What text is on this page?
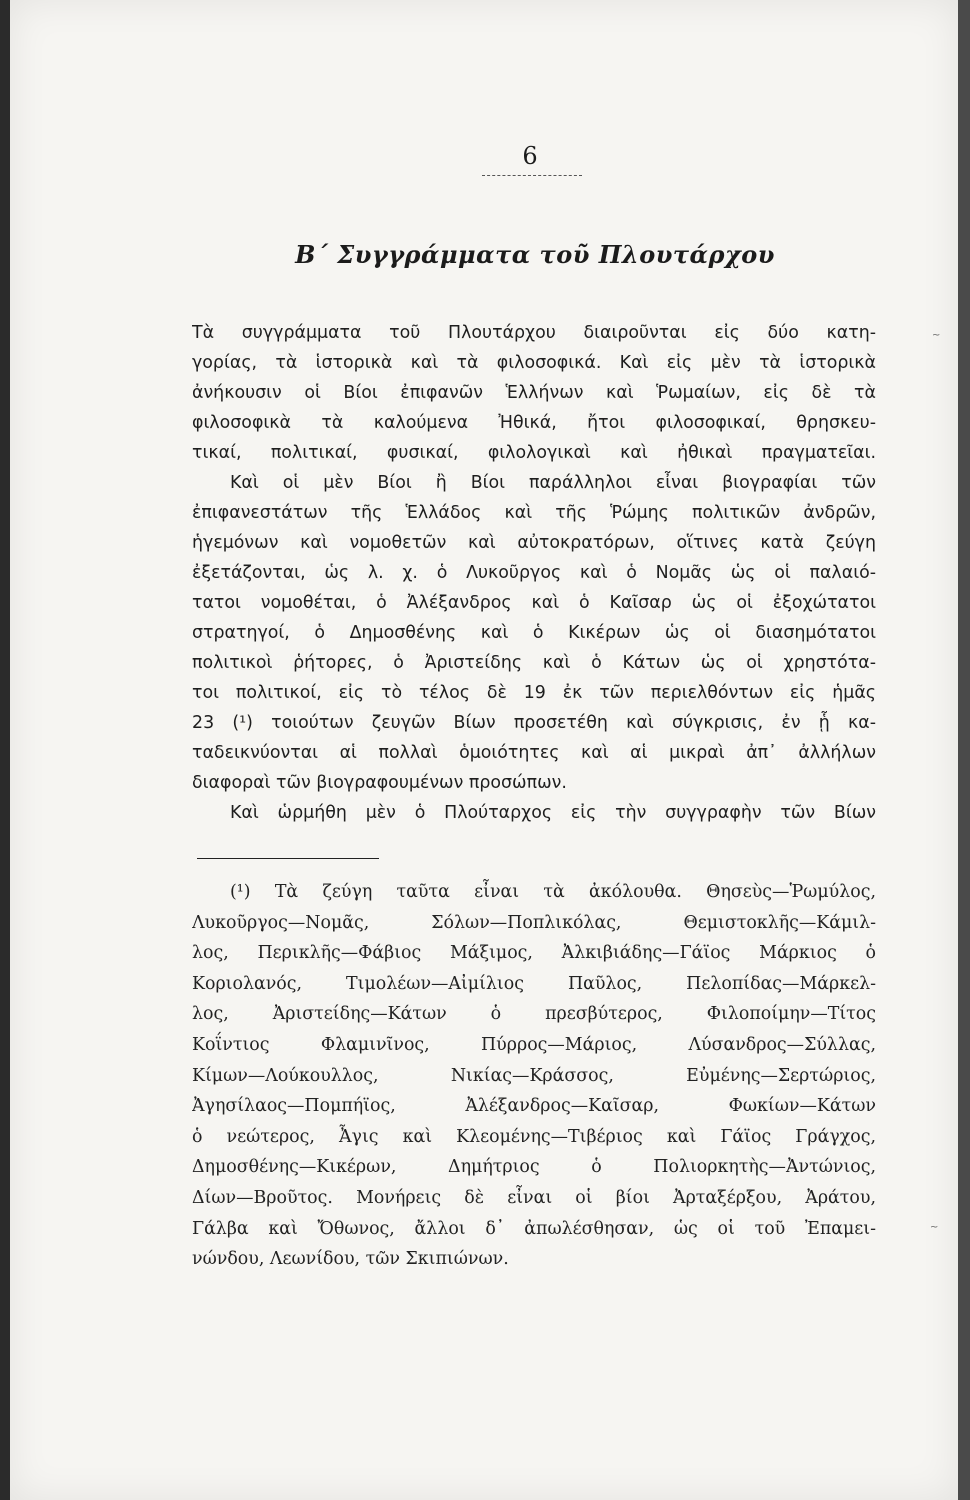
6
Β΄ Συγγράμματα τοῦ Πλουτάρχου
Τὰ συγγράμματα τοῦ Πλουτάρχου διαιροῦνται εἰς δύο κατη-
γορίας, τὰ ἱστορικὰ καὶ τὰ φιλοσοφικά. Καὶ εἰς μὲν τὰ ἱστορικὰ
ἀνήκουσιν οἱ Βίοι ἐπιφανῶν Ἑλλήνων καὶ Ῥωμαίων, εἰς δὲ τὰ
φιλοσοφικὰ τὰ καλούμενα Ἠθικά, ἤτοι φιλοσοφικαί, θρησκευ-
τικαί, πολιτικαί, φυσικαί, φιλολογικαὶ καὶ ἠθικαὶ πραγματεῖαι.
Καὶ οἱ μὲν Βίοι ἢ Βίοι παράλληλοι εἶναι βιογραφίαι τῶν
ἐπιφανεστάτων τῆς Ἑλλάδος καὶ τῆς Ῥώμης πολιτικῶν ἀνδρῶν,
ἡγεμόνων καὶ νομοθετῶν καὶ αὐτοκρατόρων, οἵτινες κατὰ ζεύγη
ἐξετάζονται, ὡς λ. χ. ὁ Λυκοῦργος καὶ ὁ Νομᾶς ὡς οἱ παλαιό-
τατοι νομοθέται, ὁ Ἀλέξανδρος καὶ ὁ Καῖσαρ ὡς οἱ ἐξοχώτατοι
στρατηγοί, ὁ Δημοσθένης καὶ ὁ Κικέρων ὡς οἱ διασημότατοι
πολιτικοὶ ῥήτορες, ὁ Ἀριστείδης καὶ ὁ Κάτων ὡς οἱ χρηστότα-
τοι πολιτικοί, εἰς τὸ τέλος δὲ 19 ἐκ τῶν περιελθόντων εἰς ἡμᾶς
23 (¹) τοιούτων ζευγῶν Βίων προσετέθη καὶ σύγκρισις, ἐν ᾗ κα-
ταδεικνύονται αἱ πολλαὶ ὁμοιότητες καὶ αἱ μικραὶ ἀπ᾿ ἀλλήλων
διαφοραὶ τῶν βιογραφουμένων προσώπων.
Καὶ ὡρμήθη μὲν ὁ Πλούταρχος εἰς τὴν συγγραφὴν τῶν Βίων
(¹) Τὰ ζεύγη ταῦτα εἶναι τὰ ἀκόλουθα. Θησεὺς—Ῥωμύλος,
Λυκοῦργος—Νομᾶς, Σόλων—Ποπλικόλας, Θεμιστοκλῆς—Κάμιλ-
λος, Περικλῆς—Φάβιος Μάξιμος, Ἀλκιβιάδης—Γάϊος Μάρκιος ὁ
Κοριολανός, Τιμολέων—Αἰμίλιος Παῦλος, Πελοπίδας—Μάρκελ-
λος, Ἀριστείδης—Κάτων ὁ πρεσβύτερος, Φιλοποίμην—Τίτος
Κοΐντιος Φλαμινῖνος, Πύρρος—Μάριος, Λύσανδρος—Σύλλας,
Κίμων—Λούκουλλος, Νικίας—Κράσσος, Εὐμένης—Σερτώριος,
Ἀγησίλαος—Πομπήϊος, Ἀλέξανδρος—Καῖσαρ, Φωκίων—Κάτων
ὁ νεώτερος, Ἆγις καὶ Κλεομένης—Τιβέριος καὶ Γάϊος Γράγχος,
Δημοσθένης—Κικέρων, Δημήτριος ὁ Πολιορκητὴς—Ἀντώνιος,
Δίων—Βροῦτος. Μονήρεις δὲ εἶναι οἱ βίοι Ἀρταξέρξου, Ἀράτου,
Γάλβα καὶ Ὄθωνος, ἄλλοι δ᾿ ἀπωλέσθησαν, ὡς οἱ τοῦ Ἐπαμει-
νώνδου, Λεωνίδου, τῶν Σκιπιώνων.
~
~
